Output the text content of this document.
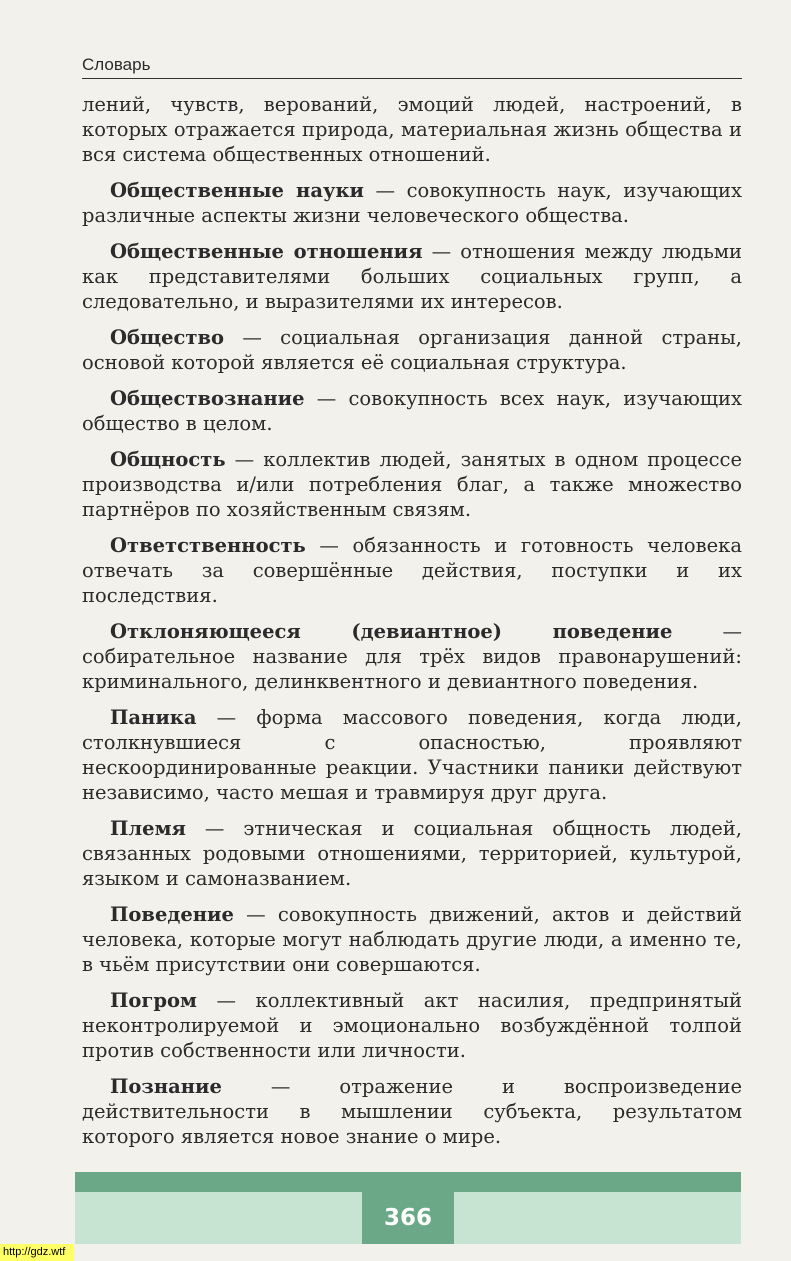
Словарь

лений, чувств, верований, эмоций людей, настроений, в которых отражается природа, материальная жизнь общества и вся система общественных отношений.

Общественные науки — совокупность наук, изучающих различные аспекты жизни человеческого общества.

Общественные отношения — отношения между людьми как представителями больших социальных групп, а следовательно, и выразителями их интересов.

Общество — социальная организация данной страны, основой которой является её социальная структура.

Обществознание — совокупность всех наук, изучающих общество в целом.

Общность — коллектив людей, занятых в одном процессе производства и/или потребления благ, а также множество партнёров по хозяйственным связям.

Ответственность — обязанность и готовность человека отвечать за совершённые действия, поступки и их последствия.

Отклоняющееся (девиантное) поведение — собирательное название для трёх видов правонарушений: криминального, делинквентного и девиантного поведения.

Паника — форма массового поведения, когда люди, столкнувшиеся с опасностью, проявляют нескоординированные реакции. Участники паники действуют независимо, часто мешая и травмируя друг друга.

Племя — этническая и социальная общность людей, связанных родовыми отношениями, территорией, культурой, языком и самоназванием.

Поведение — совокупность движений, актов и действий человека, которые могут наблюдать другие люди, а именно те, в чьём присутствии они совершаются.

Погром — коллективный акт насилия, предпринятый неконтролируемой и эмоционально возбуждённой толпой против собственности или личности.

Познание — отражение и воспроизведение действительности в мышлении субъекта, результатом которого является новое знание о мире.

366
http://gdz.wtf
